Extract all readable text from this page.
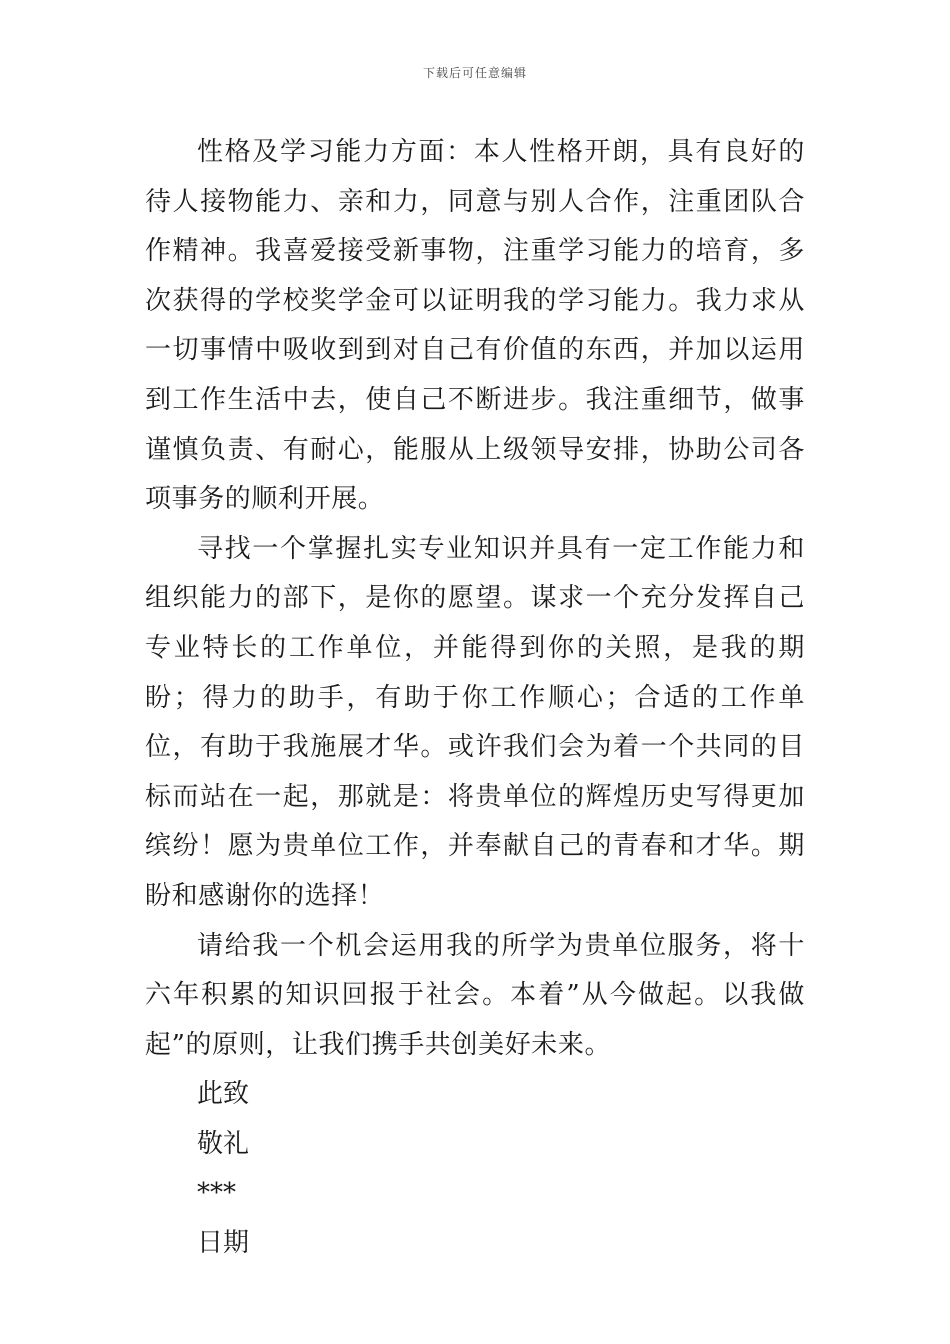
下载后可任意编辑

性格及学习能力方面：本人性格开朗，具有良好的待人接物能力、亲和力，同意与别人合作，注重团队合作精神。我喜爱接受新事物，注重学习能力的培育，多次获得的学校奖学金可以证明我的学习能力。我力求从一切事情中吸收到到对自己有价值的东西，并加以运用到工作生活中去，使自己不断进步。我注重细节，做事谨慎负责、有耐心，能服从上级领导安排，协助公司各项事务的顺利开展。

寻找一个掌握扎实专业知识并具有一定工作能力和组织能力的部下，是你的愿望。谋求一个充分发挥自己专业特长的工作单位，并能得到你的关照，是我的期盼；得力的助手，有助于你工作顺心；合适的工作单位，有助于我施展才华。或许我们会为着一个共同的目标而站在一起，那就是：将贵单位的辉煌历史写得更加缤纷！愿为贵单位工作，并奉献自己的青春和才华。期盼和感谢你的选择！

请给我一个机会运用我的所学为贵单位服务，将十六年积累的知识回报于社会。本着”从今做起。以我做起”的原则，让我们携手共创美好未来。

此致

敬礼

***

日期
